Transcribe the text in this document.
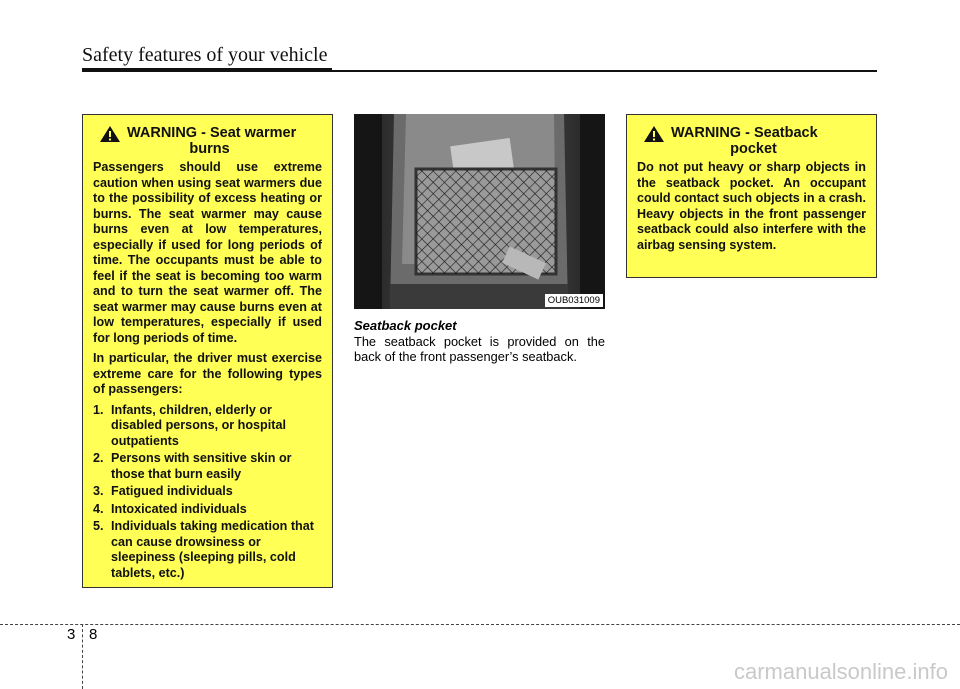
Safety features of your vehicle
WARNING - Seat warmer
burns

Passengers should use extreme caution when using seat warmers due to the possibility of excess heating or burns. The seat warmer may cause burns even at low temperatures, especially if used for long periods of time. The occupants must be able to feel if the seat is becoming too warm and to turn the seat warmer off. The seat warmer may cause burns even at low temperatures, especially if used for long periods of time.

In particular, the driver must exercise extreme care for the following types of passengers:

1. Infants, children, elderly or disabled persons, or hospital outpatients
2. Persons with sensitive skin or those that burn easily
3. Fatigued individuals
4. Intoxicated individuals
5. Individuals taking medication that can cause drowsiness or sleepiness (sleeping pills, cold tablets, etc.)
OUB031009
Seatback pocket
The seatback pocket is provided on the back of the front passenger’s seatback.
WARNING - Seatback
pocket

Do not put heavy or sharp objects in the seatback pocket. An occupant could contact such objects in a crash. Heavy objects in the front passenger seatback could also interfere with the airbag sensing system.

3 8
carmanualsonline.info
